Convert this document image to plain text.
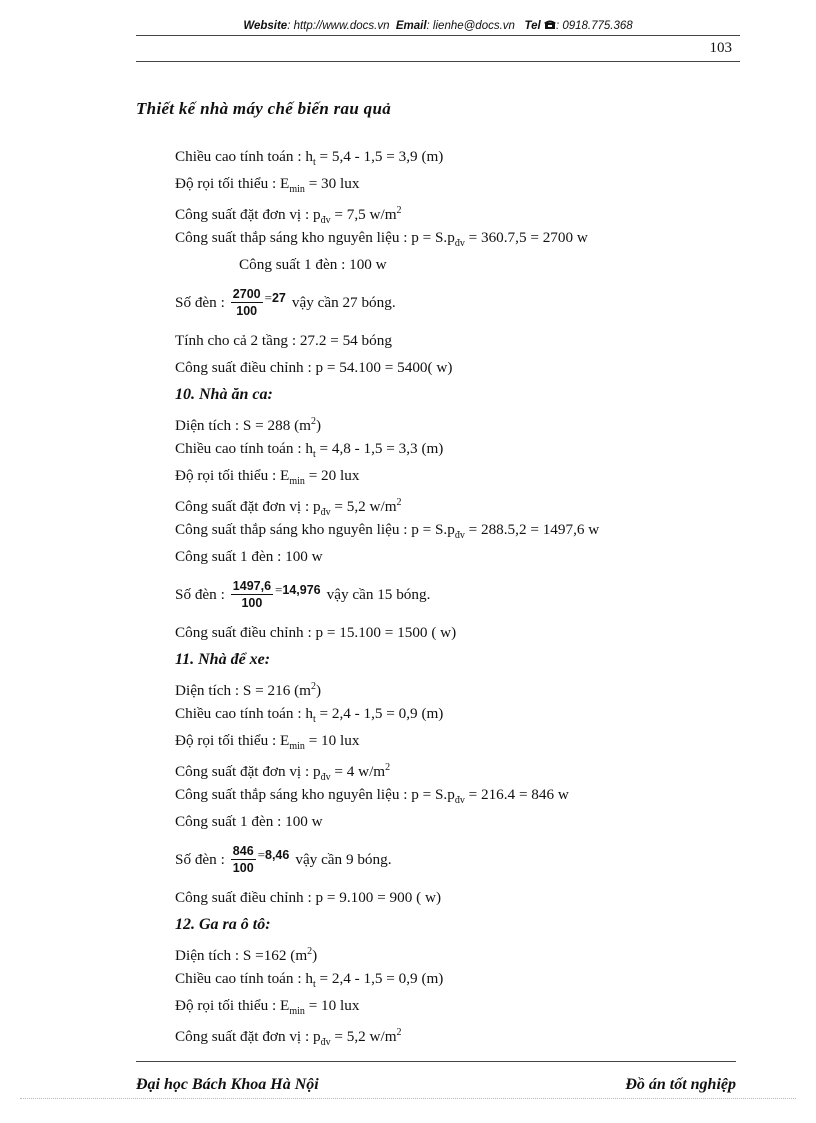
Website: http://www.docs.vn Email: lienhe@docs.vn Tel : 0918.775.368
103
Thiết kế nhà máy chế biến rau quả
Chiều cao tính toán : $h_t = 5,4 - 1,5 = 3,9$ (m)
Độ rọi tối thiểu : $E_{min} = 30$ lux
Công suất đặt đơn vị : $p_{đv} = 7,5$ $w/m^2$
Công suất thắp sáng kho nguyên liệu : $p = S.p_{đv} = 360.7,5 = 2700$ w
Công suất 1 đèn : 100 w
Số đèn : $\frac{2700}{100} = 27$ vậy cần 27 bóng.
Tính cho cả 2 tầng : 27.2 = 54 bóng
Công suất điều chỉnh : p = 54.100 = 5400( w)
10. Nhà ăn ca:
Diện tích : S = 288 $(m^2)$
Chiều cao tính toán : $h_t = 4,8 - 1,5 = 3,3$ (m)
Độ rọi tối thiểu : $E_{min} = 20$ lux
Công suất đặt đơn vị : $p_{đv} = 5,2$ $w/m^2$
Công suất thắp sáng kho nguyên liệu : $p = S.p_{đv} = 288.5,2 = 1497,6$ w
Công suất 1 đèn : 100 w
Số đèn : $\frac{1497,6}{100} = 14,976$ vậy cần 15 bóng.
Công suất điều chỉnh : p = 15.100 = 1500 ( w)
11. Nhà để xe:
Diện tích : S = 216 $(m^2)$
Chiều cao tính toán : $h_t = 2,4 - 1,5 = 0,9$ (m)
Độ rọi tối thiểu : $E_{min} = 10$ lux
Công suất đặt đơn vị : $p_{đv} = 4$ $w/m^2$
Công suất thắp sáng kho nguyên liệu : $p = S.p_{đv} = 216.4 = 846$ w
Công suất 1 đèn : 100 w
Số đèn : $\frac{846}{100} = 8,46$ vậy cần 9 bóng.
Công suất điều chỉnh : p = 9.100 = 900 ( w)
12. Ga ra ô tô:
Diện tích : S =162 $(m^2)$
Chiều cao tính toán : $h_t = 2,4 - 1,5 = 0,9$ (m)
Độ rọi tối thiểu : $E_{min} = 10$ lux
Công suất đặt đơn vị : $p_{đv} = 5,2$ $w/m^2$
Đại học Bách Khoa Hà Nội	Đồ án tốt nghiệp
